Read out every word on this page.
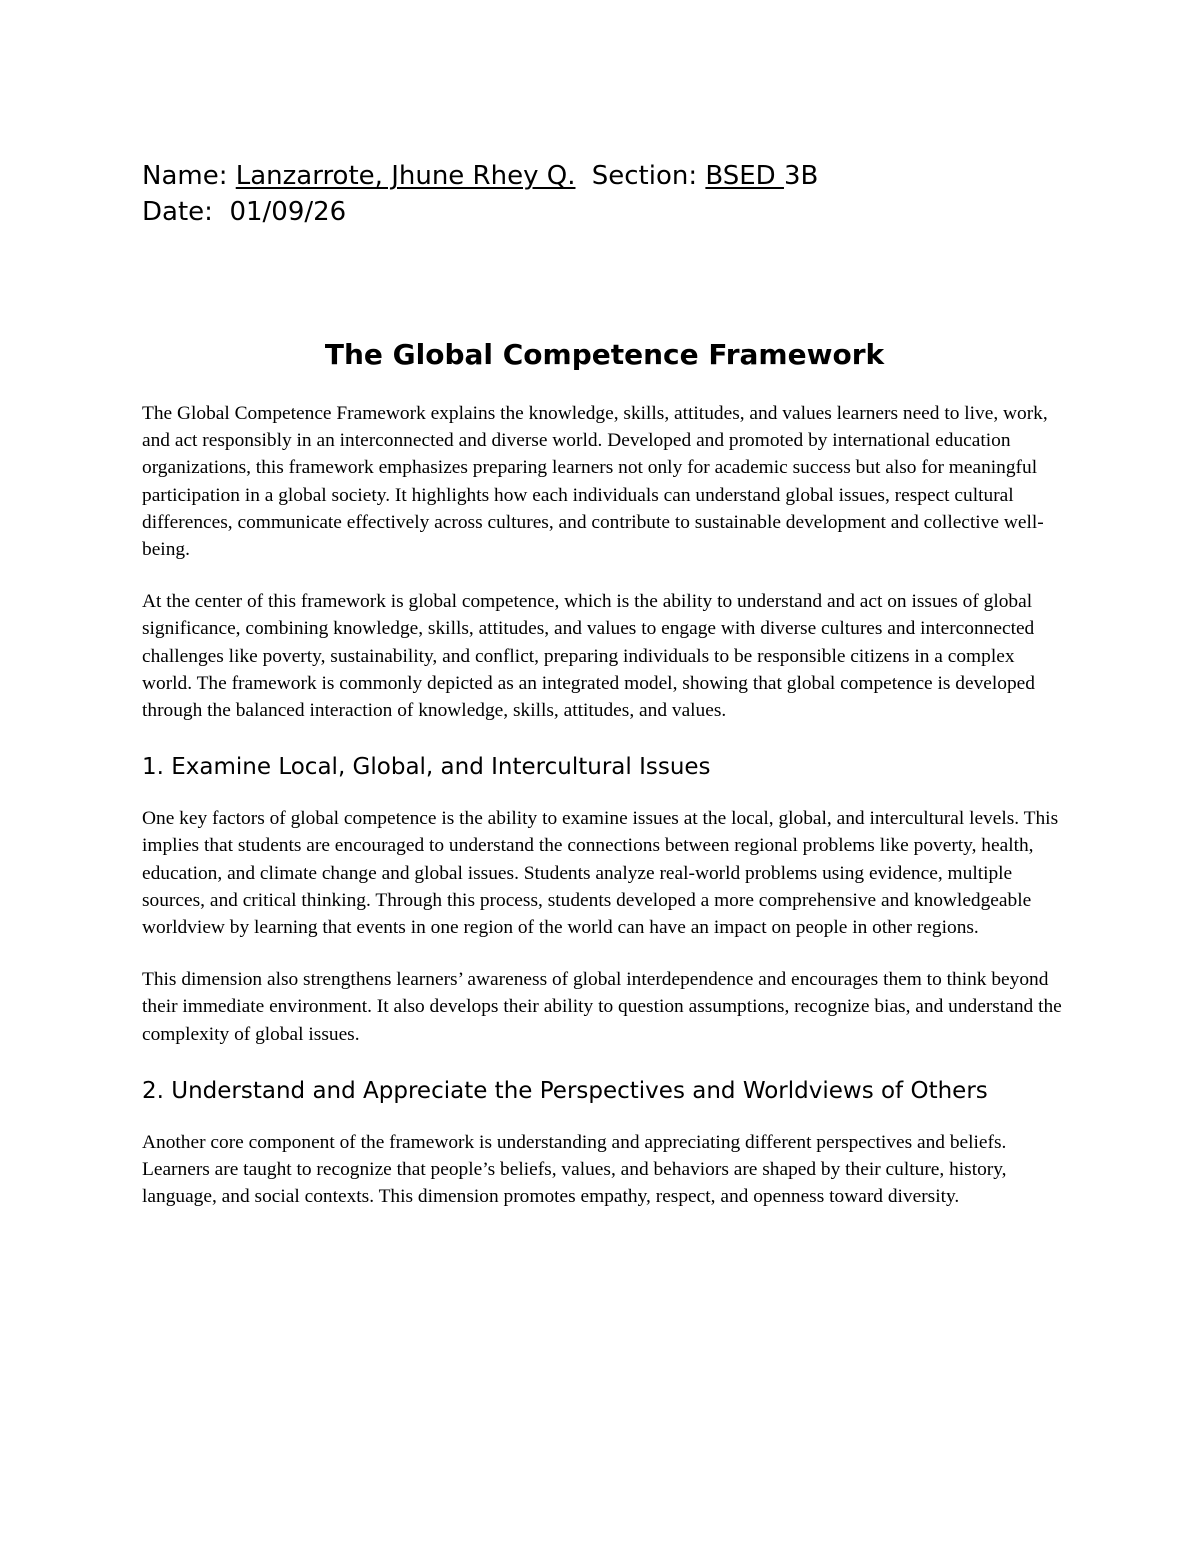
Name: Lanzarrote, Jhune Rhey Q. Section: BSED 3B

Date: 01/09/26

The Global Competence Framework

The Global Competence Framework explains the knowledge, skills, attitudes, and values learners need to live, work, and act responsibly in an interconnected and diverse world. Developed and promoted by international education organizations, this framework emphasizes preparing learners not only for academic success but also for meaningful participation in a global society. It highlights how each individuals can understand global issues, respect cultural differences, communicate effectively across cultures, and contribute to sustainable development and collective well-being.

At the center of this framework is global competence, which is the ability to understand and act on issues of global significance, combining knowledge, skills, attitudes, and values to engage with diverse cultures and interconnected challenges like poverty, sustainability, and conflict, preparing individuals to be responsible citizens in a complex world. The framework is commonly depicted as an integrated model, showing that global competence is developed through the balanced interaction of knowledge, skills, attitudes, and values.

1. Examine Local, Global, and Intercultural Issues

One key factors of global competence is the ability to examine issues at the local, global, and intercultural levels. This implies that students are encouraged to understand the connections between regional problems like poverty, health, education, and climate change and global issues. Students analyze real-world problems using evidence, multiple sources, and critical thinking. Through this process, students developed a more comprehensive and knowledgeable worldview by learning that events in one region of the world can have an impact on people in other regions.

This dimension also strengthens learners’ awareness of global interdependence and encourages them to think beyond their immediate environment. It also develops their ability to question assumptions, recognize bias, and understand the complexity of global issues.

2. Understand and Appreciate the Perspectives and Worldviews of Others

Another core component of the framework is understanding and appreciating different perspectives and beliefs. Learners are taught to recognize that people’s beliefs, values, and behaviors are shaped by their culture, history, language, and social contexts. This dimension promotes empathy, respect, and openness toward diversity.
